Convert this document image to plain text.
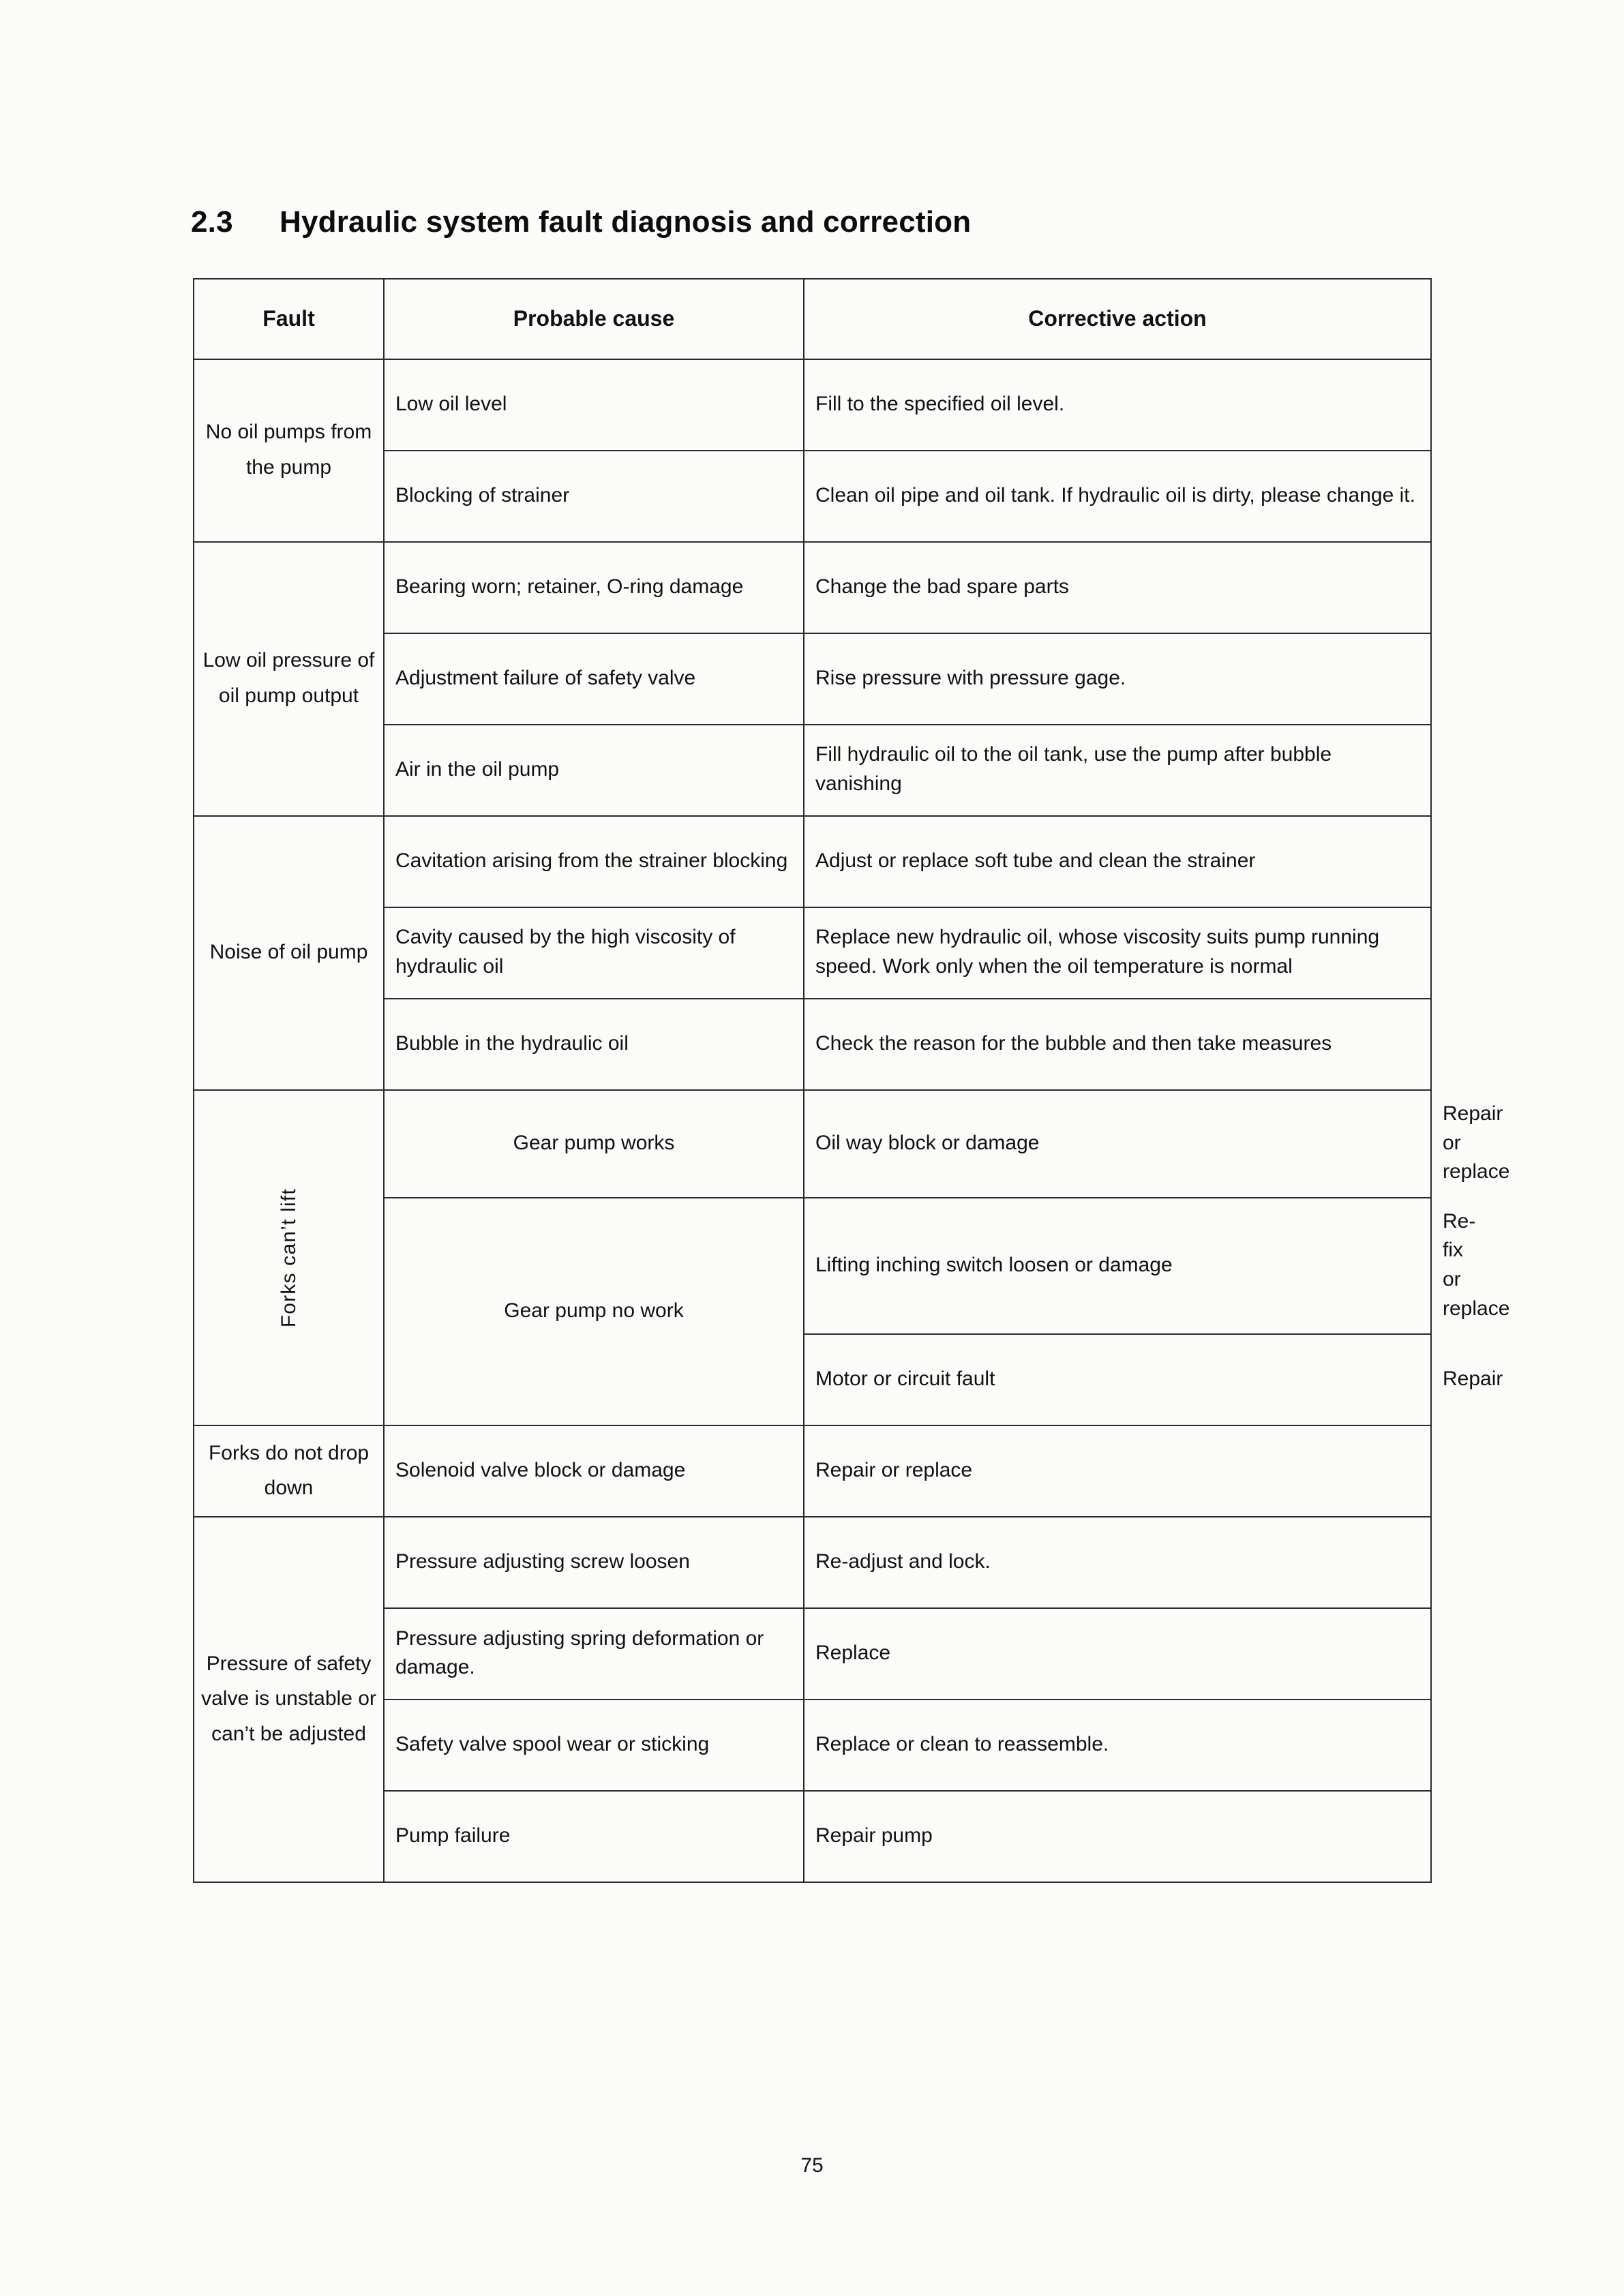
2.3	Hydraulic system fault diagnosis and correction
Fault	Probable cause	Corrective action	
No oil pumps from the pump	Low oil level	Fill to the specified oil level.	
	Blocking of strainer	Clean oil pipe and oil tank. If hydraulic oil is dirty, please change it.	
Low oil pressure of oil pump output	Bearing worn; retainer, O-ring damage	Change the bad spare parts	
	Adjustment failure of safety valve	Rise pressure with pressure gage.	
	Air in the oil pump	Fill hydraulic oil to the oil tank, use the pump after bubble vanishing	
Noise of oil pump	Cavitation arising from the strainer blocking	Adjust or replace soft tube and clean the strainer	
	Cavity caused by the high viscosity of hydraulic oil	Replace new hydraulic oil, whose viscosity suits pump running speed. Work only when the oil temperature is normal	
	Bubble in the hydraulic oil	Check the reason for the bubble and then take measures	

Forks can’t lift	Gear pump works	Oil way block or damage	Repair or replace
	Gear pump no work	Lifting inching switch loosen or damage	Re-fix or replace
		Motor or circuit fault	Repair
Forks do not drop down	Solenoid valve block or damage	Repair or replace	
Pressure of safety valve is unstable or can’t be adjusted	Pressure adjusting screw loosen	Re-adjust and lock.	
	Pressure adjusting spring deformation or damage.	Replace	
	Safety valve spool wear or sticking	Replace or clean to reassemble.	
	Pump failure	Repair pump	
75
